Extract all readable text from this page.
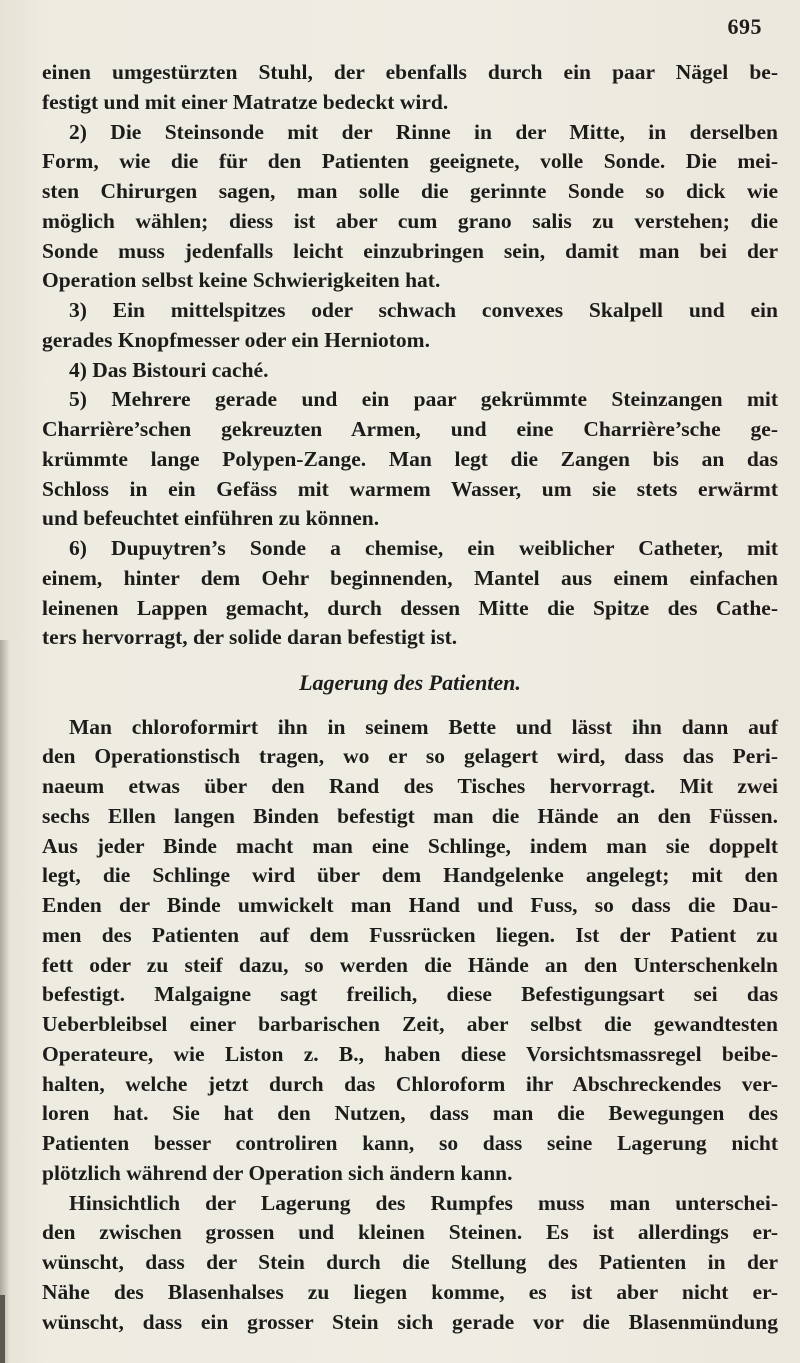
695
einen umgestürzten Stuhl, der ebenfalls durch ein paar Nägel be-
festigt und mit einer Matratze bedeckt wird.
2) Die Steinsonde mit der Rinne in der Mitte, in derselben
Form, wie die für den Patienten geeignete, volle Sonde. Die mei-
sten Chirurgen sagen, man solle die gerinnte Sonde so dick wie
möglich wählen; diess ist aber cum grano salis zu verstehen; die
Sonde muss jedenfalls leicht einzubringen sein, damit man bei der
Operation selbst keine Schwierigkeiten hat.
3) Ein mittelspitzes oder schwach convexes Skalpell und ein
gerades Knopfmesser oder ein Herniotom.
4) Das Bistouri caché.
5) Mehrere gerade und ein paar gekrümmte Steinzangen mit
Charrière’schen gekreuzten Armen, und eine Charrière’sche ge-
krümmte lange Polypen-Zange. Man legt die Zangen bis an das
Schloss in ein Gefäss mit warmem Wasser, um sie stets erwärmt
und befeuchtet einführen zu können.
6) Dupuytren’s Sonde a chemise, ein weiblicher Catheter, mit
einem, hinter dem Oehr beginnenden, Mantel aus einem einfachen
leinenen Lappen gemacht, durch dessen Mitte die Spitze des Cathe-
ters hervorragt, der solide daran befestigt ist.
Lagerung des Patienten.
Man chloroformirt ihn in seinem Bette und lässt ihn dann auf
den Operationstisch tragen, wo er so gelagert wird, dass das Peri-
naeum etwas über den Rand des Tisches hervorragt. Mit zwei
sechs Ellen langen Binden befestigt man die Hände an den Füssen.
Aus jeder Binde macht man eine Schlinge, indem man sie doppelt
legt, die Schlinge wird über dem Handgelenke angelegt; mit den
Enden der Binde umwickelt man Hand und Fuss, so dass die Dau-
men des Patienten auf dem Fussrücken liegen. Ist der Patient zu
fett oder zu steif dazu, so werden die Hände an den Unterschenkeln
befestigt. Malgaigne sagt freilich, diese Befestigungsart sei das
Ueberbleibsel einer barbarischen Zeit, aber selbst die gewandtesten
Operateure, wie Liston z. B., haben diese Vorsichtsmassregel beibe-
halten, welche jetzt durch das Chloroform ihr Abschreckendes ver-
loren hat. Sie hat den Nutzen, dass man die Bewegungen des
Patienten besser controliren kann, so dass seine Lagerung nicht
plötzlich während der Operation sich ändern kann.
Hinsichtlich der Lagerung des Rumpfes muss man unterschei-
den zwischen grossen und kleinen Steinen. Es ist allerdings er-
wünscht, dass der Stein durch die Stellung des Patienten in der
Nähe des Blasenhalses zu liegen komme, es ist aber nicht er-
wünscht, dass ein grosser Stein sich gerade vor die Blasenmündung
